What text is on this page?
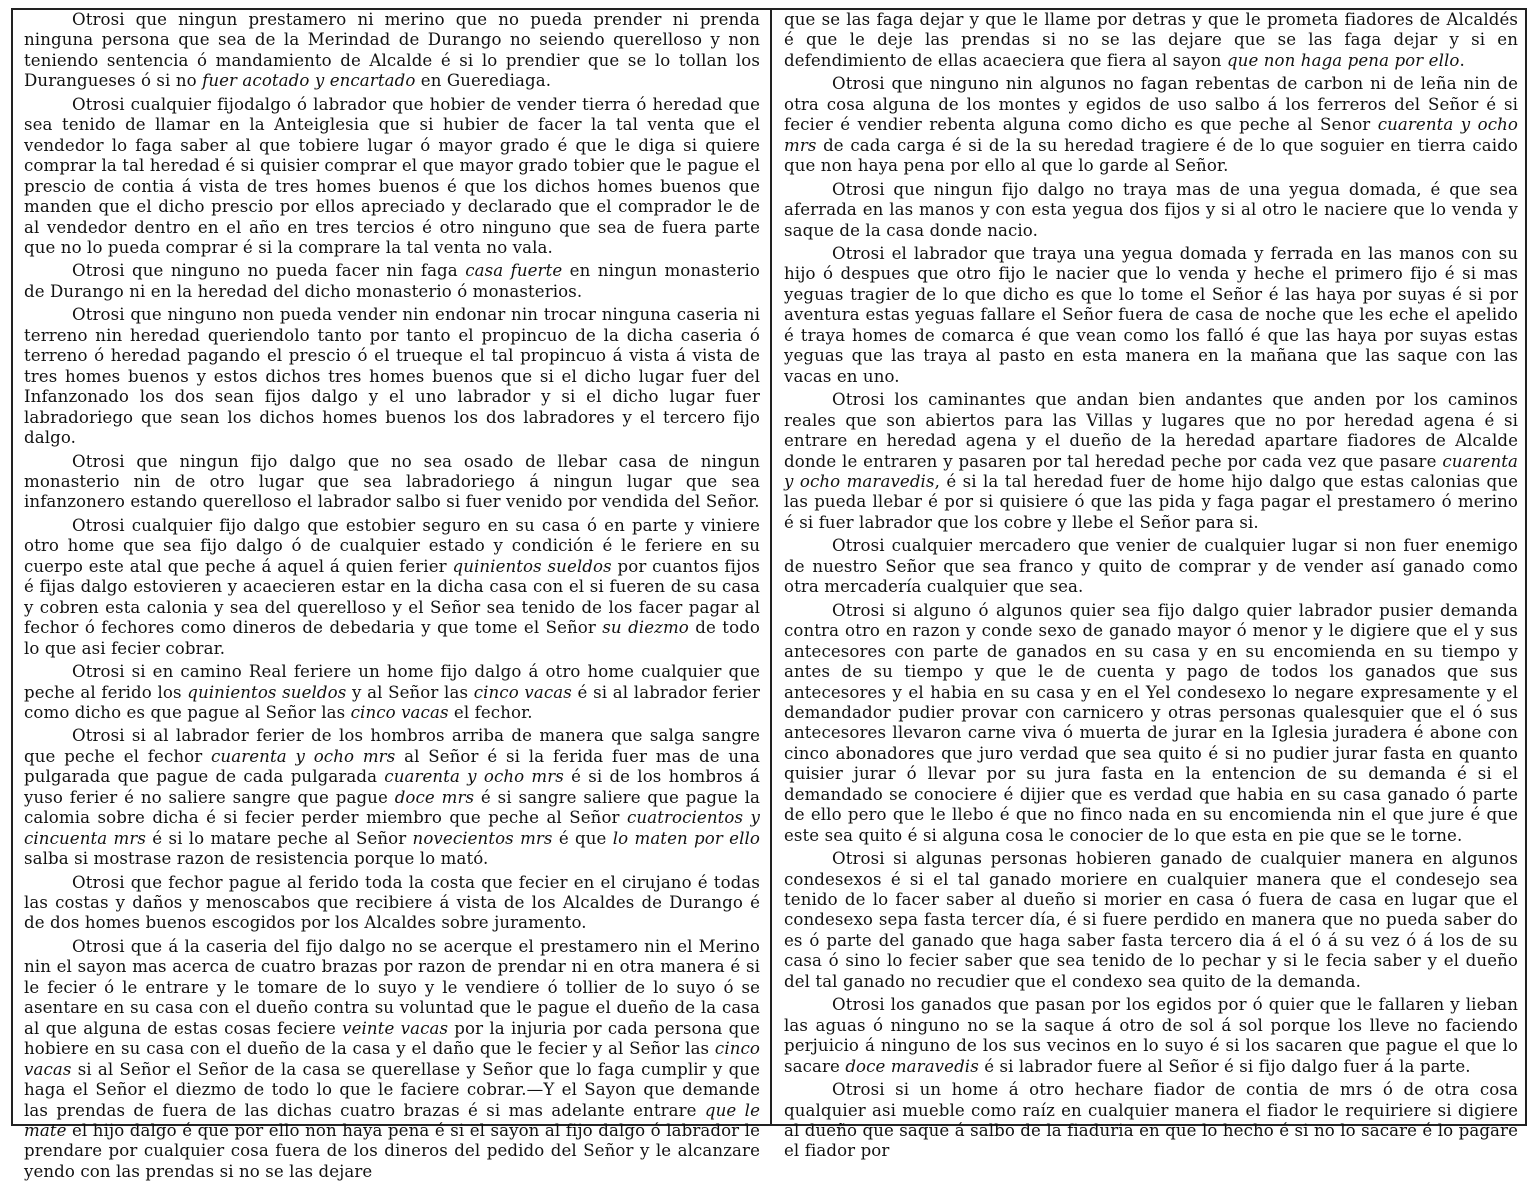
Otrosi que ningun prestamero ni merino que no pueda prender ni prenda ninguna persona que sea de la Merindad de Durango no seiendo querelloso y non teniendo sentencia ó mandamiento de Alcalde é si lo prendier que se lo tollan los Durangueses ó si no fuer acotado y encartado en Guerediaga.

Otrosi cualquier fijodalgo ó labrador que hobier de vender tierra ó heredad que sea tenido de llamar en la Anteiglesia que si hubier de facer la tal venta que el vendedor lo faga saber al que tobiere lugar ó mayor grado é que le diga si quiere comprar la tal heredad é si quisier comprar el que mayor grado tobier que le pague el prescio de contia á vista de tres homes buenos é que los dichos homes buenos que manden que el dicho prescio por ellos apreciado y declarado que el comprador le de al vendedor dentro en el año en tres tercios é otro ninguno que sea de fuera parte que no lo pueda comprar é si la comprare la tal venta no vala.

Otrosi que ninguno no pueda facer nin faga casa fuerte en ningun monasterio de Durango ni en la heredad del dicho monasterio ó monasterios.

Otrosi que ninguno non pueda vender nin endonar nin trocar ninguna caseria ni terreno nin heredad queriendolo tanto por tanto el propincuo de la dicha caseria ó terreno ó heredad pagando el prescio ó el trueque el tal propincuo á vista á vista de tres homes buenos y estos dichos tres homes buenos que si el dicho lugar fuer del Infanzonado los dos sean fijos dalgo y el uno labrador y si el dicho lugar fuer labradoriego que sean los dichos homes buenos los dos labradores y el tercero fijo dalgo.

Otrosi que ningun fijo dalgo que no sea osado de llebar casa de ningun monasterio nin de otro lugar que sea labradoriego á ningun lugar que sea infanzonero estando querelloso el labrador salbo si fuer venido por vendida del Señor.

Otrosi cualquier fijo dalgo que estobier seguro en su casa ó en parte y viniere otro home que sea fijo dalgo ó de cualquier estado y condición é le feriere en su cuerpo este atal que peche á aquel á quien ferier quinientos sueldos por cuantos fijos é fijas dalgo estovieren y acaecieren estar en la dicha casa con el si fueren de su casa y cobren esta calonia y sea del querelloso y el Señor sea tenido de los facer pagar al fechor ó fechores como dineros de debedaria y que tome el Señor su diezmo de todo lo que asi fecier cobrar.

Otrosi si en camino Real feriere un home fijo dalgo á otro home cualquier que peche al ferido los quinientos sueldos y al Señor las cinco vacas é si al labrador ferier como dicho es que pague al Señor las cinco vacas el fechor.

Otrosi si al labrador ferier de los hombros arriba de manera que salga sangre que peche el fechor cuarenta y ocho mrs al Señor é si la ferida fuer mas de una pulgarada que pague de cada pulgarada cuarenta y ocho mrs é si de los hombros á yuso ferier é no saliere sangre que pague doce mrs é si sangre saliere que pague la calomia sobre dicha é si fecier perder miembro que peche al Señor cuatrocientos y cincuenta mrs é si lo matare peche al Señor novecientos mrs é que lo maten por ello salba si mostrase razon de resistencia porque lo mató.

Otrosi que fechor pague al ferido toda la costa que fecier en el cirujano é todas las costas y daños y menoscabos que recibiere á vista de los Alcaldes de Durango é de dos homes buenos escogidos por los Alcaldes sobre juramento.

Otrosi que á la caseria del fijo dalgo no se acerque el prestamero nin el Merino nin el sayon mas acerca de cuatro brazas por razon de prendar ni en otra manera é si le fecier ó le entrare y le tomare de lo suyo y le vendiere ó tollier de lo suyo ó se asentare en su casa con el dueño contra su voluntad que le pague el dueño de la casa al que alguna de estas cosas feciere veinte vacas por la injuria por cada persona que hobiere en su casa con el dueño de la casa y el daño que le fecier y al Señor las cinco vacas si al Señor el Señor de la casa se querellase y Señor que lo faga cumplir y que haga el Señor el diezmo de todo lo que le faciere cobrar.—Y el Sayon que demande las prendas de fuera de las dichas cuatro brazas é si mas adelante entrare que le mate el hijo dalgo é que por ello non haya pena é si el sayon al fijo dalgo ó labrador le prendare por cualquier cosa fuera de los dineros del pedido del Señor y le alcanzare yendo con las prendas si no se las dejare

que se las faga dejar y que le llame por detras y que le prometa fiadores de Alcaldés é que le deje las prendas si no se las dejare que se las faga dejar y si en defendimiento de ellas acaeciera que fiera al sayon que non haga pena por ello.

Otrosi que ninguno nin algunos no fagan rebentas de carbon ni de leña nin de otra cosa alguna de los montes y egidos de uso salbo á los ferreros del Señor é si fecier é vendier rebenta alguna como dicho es que peche al Senor cuarenta y ocho mrs de cada carga é si de la su heredad tragiere é de lo que soguier en tierra caido que non haya pena por ello al que lo garde al Señor.

Otrosi que ningun fijo dalgo no traya mas de una yegua domada, é que sea aferrada en las manos y con esta yegua dos fijos y si al otro le naciere que lo venda y saque de la casa donde nacio.

Otrosi el labrador que traya una yegua domada y ferrada en las manos con su hijo ó despues que otro fijo le nacier que lo venda y heche el primero fijo é si mas yeguas tragier de lo que dicho es que lo tome el Señor é las haya por suyas é si por aventura estas yeguas fallare el Señor fuera de casa de noche que les eche el apelido é traya homes de comarca é que vean como los falló é que las haya por suyas estas yeguas que las traya al pasto en esta manera en la mañana que las saque con las vacas en uno.

Otrosi los caminantes que andan bien andantes que anden por los caminos reales que son abiertos para las Villas y lugares que no por heredad agena é si entrare en heredad agena y el dueño de la heredad apartare fiadores de Alcalde donde le entraren y pasaren por tal heredad peche por cada vez que pasare cuarenta y ocho maravedis, é si la tal heredad fuer de home hijo dalgo que estas calonias que las pueda llebar é por si quisiere ó que las pida y faga pagar el prestamero ó merino é si fuer labrador que los cobre y llebe el Señor para si.

Otrosi cualquier mercadero que venier de cualquier lugar si non fuer enemigo de nuestro Señor que sea franco y quito de comprar y de vender así ganado como otra mercadería cualquier que sea.

Otrosi si alguno ó algunos quier sea fijo dalgo quier labrador pusier demanda contra otro en razon y conde sexo de ganado mayor ó menor y le digiere que el y sus antecesores con parte de ganados en su casa y en su encomienda en su tiempo y antes de su tiempo y que le de cuenta y pago de todos los ganados que sus antecesores y el habia en su casa y en el Yel condesexo lo negare expresamente y el demandador pudier provar con carnicero y otras personas qualesquier que el ó sus antecesores llevaron carne viva ó muerta de jurar en la Iglesia juradera é abone con cinco abonadores que juro verdad que sea quito é si no pudier jurar fasta en quanto quisier jurar ó llevar por su jura fasta en la entencion de su demanda é si el demandado se conociere é dijier que es verdad que habia en su casa ganado ó parte de ello pero que le llebo é que no finco nada en su encomienda nin el que jure é que este sea quito é si alguna cosa le conocier de lo que esta en pie que se le torne.

Otrosi si algunas personas hobieren ganado de cualquier manera en algunos condesexos é si el tal ganado moriere en cualquier manera que el condesejo sea tenido de lo facer saber al dueño si morier en casa ó fuera de casa en lugar que el condesexo sepa fasta tercer día, é si fuere perdido en manera que no pueda saber do es ó parte del ganado que haga saber fasta tercero dia á el ó á su vez ó á los de su casa ó sino lo fecier saber que sea tenido de lo pechar y si le fecia saber y el dueño del tal ganado no recudier que el condexo sea quito de la demanda.

Otrosi los ganados que pasan por los egidos por ó quier que le fallaren y lieban las aguas ó ninguno no se la saque á otro de sol á sol porque los lleve no faciendo perjuicio á ninguno de los sus vecinos en lo suyo é si los sacaren que pague el que lo sacare doce maravedis é si labrador fuere al Señor é si fijo dalgo fuer á la parte.

Otrosi si un home á otro hechare fiador de contia de mrs ó de otra cosa qualquier asi mueble como raíz en cualquier manera el fiador le requiriere si digiere al dueño que saque á salbo de la fiaduria en que lo hecho é si no lo sacare é lo pagare el fiador por
